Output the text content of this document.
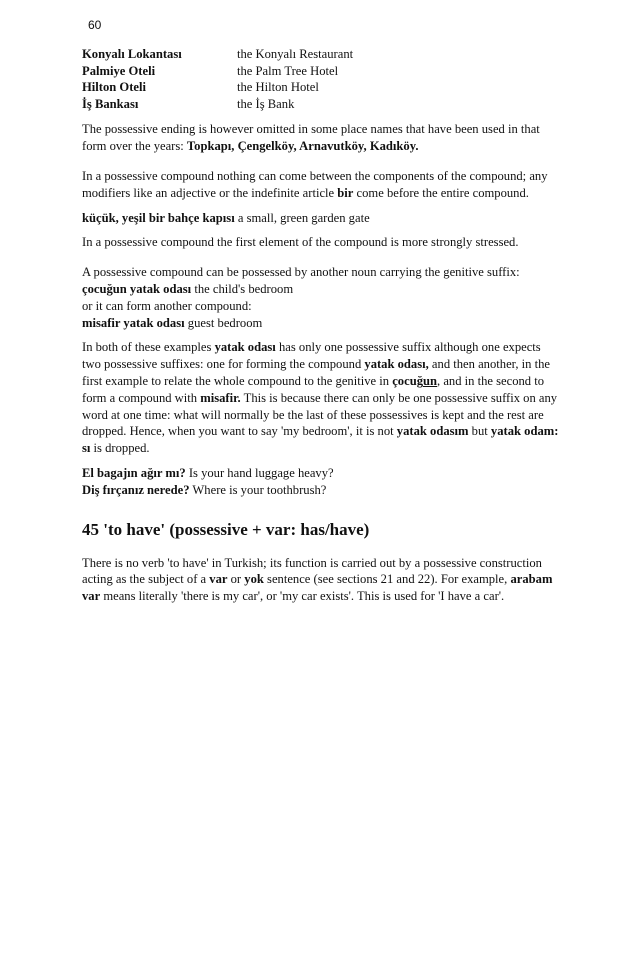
60
Konyalı Lokantası	the Konyalı Restaurant
Palmiye Oteli	the Palm Tree Hotel
Hilton Oteli	the Hilton Hotel
İş Bankası	the İş Bank

The possessive ending is however omitted in some place names that have been used in that form over the years: Topkapı, Çengelköy, Arnavutköy, Kadıköy.

In a possessive compound nothing can come between the components of the compound; any modifiers like an adjective or the indefinite article bir come before the entire compound.

küçük, yeşil bir bahçe kapısı a small, green garden gate

In a possessive compound the first element of the compound is more strongly stressed.

A possessive compound can be possessed by another noun carrying the genitive suffix:
çocuğun yatak odası the child's bedroom
or it can form another compound:
misafir yatak odası guest bedroom

In both of these examples yatak odası has only one possessive suffix although one expects two possessive suffixes: one for forming the compound yatak odası, and then another, in the first example to relate the whole compound to the genitive in çocuğun, and in the second to form a compound with misafir. This is because there can only be one possessive suffix on any word at one time: what will normally be the last of these possessives is kept and the rest are dropped. Hence, when you want to say 'my bedroom', it is not yatak odasım but yatak odam: sı is dropped.

El bagajın ağır mı? Is your hand luggage heavy?

Diş fırçanız nerede? Where is your toothbrush?

45 'to have' (possessive + var: has/have)

There is no verb 'to have' in Turkish; its function is carried out by a possessive construction acting as the subject of a var or yok sentence (see sections 21 and 22). For example, arabam var means literally 'there is my car', or 'my car exists'. This is used for 'I have a car'.
